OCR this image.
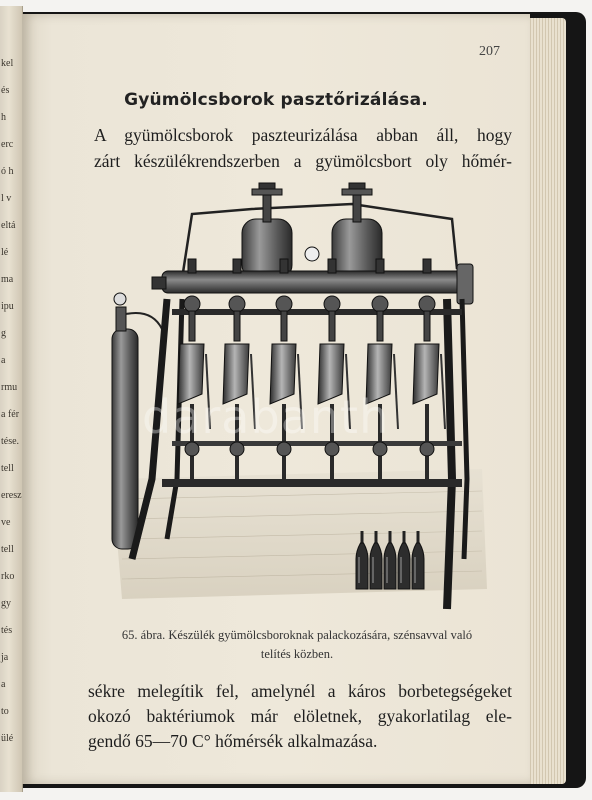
kel
és
h
erc
ó h
l v
eltá
lé
ma
ipu
g
a
rmu
a fér
tése.
tell
eresz
ve
tell
rko
gy
tés
ja
a
to
ülé
207
Gyümölcsborok pasztőrizálása.

A gyümölcsborok paszteurizálása abban áll, hogy
zárt készülékrendszerben a gyümölcsbort oly hőmér-

darabanth

65. ábra. Készülék gyümölcsboroknak palackozására, szénsavval való
telítés közben.

sékre melegítik fel, amelynél a káros borbetegségeket
okozó baktériumok már elöletnek, gyakorlatilag ele-
gendő 65—70 C° hőmérsék alkalmazása.
